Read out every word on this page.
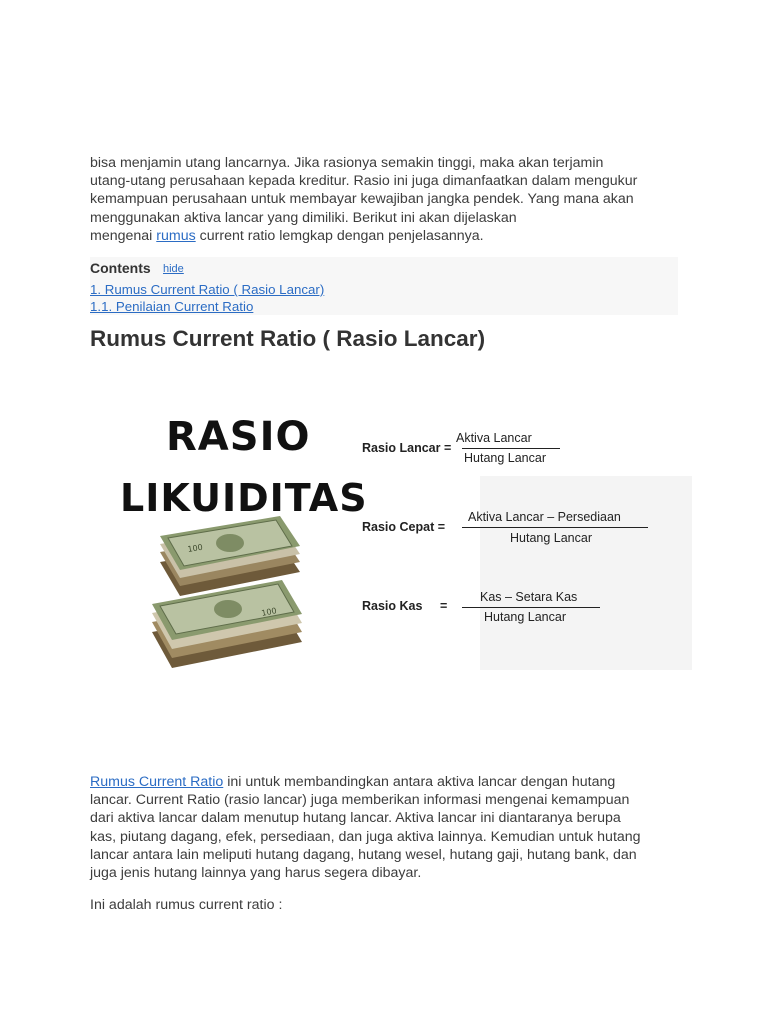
bisa menjamin utang lancarnya. Jika rasionya semakin tinggi, maka akan terjamin
utang-utang perusahaan kepada kreditur. Rasio ini juga dimanfaatkan dalam mengukur
kemampuan perusahaan untuk membayar kewajiban jangka pendek. Yang mana akan
menggunakan aktiva lancar yang dimiliki. Berikut ini akan dijelaskan
mengenai rumus current ratio lemgkap dengan penjelasannya.

Contents hide
1. Rumus Current Ratio ( Rasio Lancar)
1.1. Penilaian Current Ratio
Rumus Current Ratio ( Rasio Lancar)
RASIO
LIKUIDITAS
100
100
Rasio Lancar =
Aktiva Lancar
Hutang Lancar
Rasio Cepat =
Aktiva Lancar – Persediaan
Hutang Lancar
Rasio Kas =
Kas – Setara Kas
Hutang Lancar

Rumus Current Ratio ini untuk membandingkan antara aktiva lancar dengan hutang
lancar. Current Ratio (rasio lancar) juga memberikan informasi mengenai kemampuan
dari aktiva lancar dalam menutup hutang lancar. Aktiva lancar ini diantaranya berupa
kas, piutang dagang, efek, persediaan, dan juga aktiva lainnya. Kemudian untuk hutang
lancar antara lain meliputi hutang dagang, hutang wesel, hutang gaji, hutang bank, dan
juga jenis hutang lainnya yang harus segera dibayar.

Ini adalah rumus current ratio :
